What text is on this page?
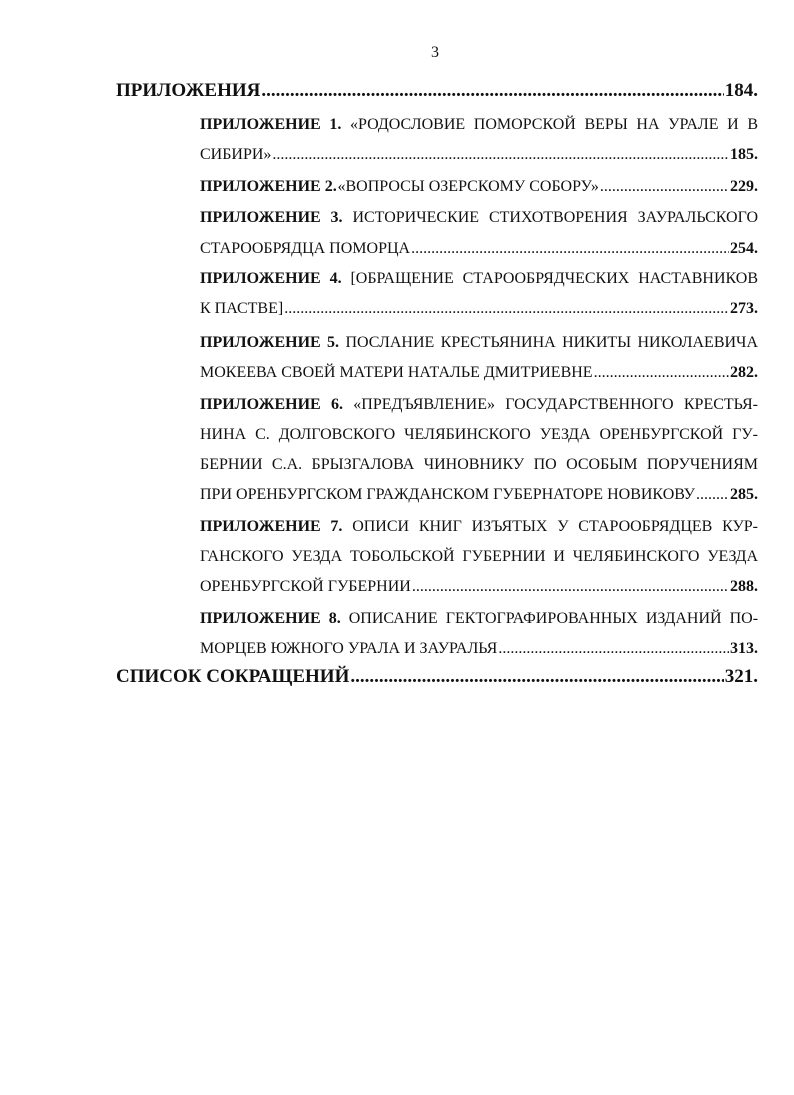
3
ПРИЛОЖЕНИЯ .....	184.
ПРИЛОЖЕНИЕ 1. «РОДОСЛОВИЕ ПОМОРСКОЙ ВЕРЫ НА УРАЛЕ И В
СИБИРИ» .....	185.
ПРИЛОЖЕНИЕ 2. «ВОПРОСЫ ОЗЕРСКОМУ СОБОРУ» .....	229.
ПРИЛОЖЕНИЕ 3. ИСТОРИЧЕСКИЕ СТИХОТВОРЕНИЯ ЗАУРАЛЬСКОГО
СТАРООБРЯДЦА ПОМОРЦА .....	254.
ПРИЛОЖЕНИЕ 4. [ОБРАЩЕНИЕ СТАРООБРЯДЧЕСКИХ НАСТАВНИКОВ
К ПАСТВЕ] .....	273.
ПРИЛОЖЕНИЕ 5. ПОСЛАНИЕ КРЕСТЬЯНИНА НИКИТЫ НИКОЛАЕВИЧА
МОКЕЕВА СВОЕЙ МАТЕРИ НАТАЛЬЕ ДМИТРИЕВНЕ .....	282.
ПРИЛОЖЕНИЕ 6. «ПРЕДЪЯВЛЕНИЕ» ГОСУДАРСТВЕННОГО КРЕСТЬЯ-
НИНА С. ДОЛГОВСКОГО ЧЕЛЯБИНСКОГО УЕЗДА ОРЕНБУРГСКОЙ ГУ-
БЕРНИИ С.А. БРЫЗГАЛОВА ЧИНОВНИКУ ПО ОСОБЫМ ПОРУЧЕНИЯМ
ПРИ ОРЕНБУРГСКОМ ГРАЖДАНСКОМ ГУБЕРНАТОРЕ НОВИКОВУ ..... 285.
ПРИЛОЖЕНИЕ 7. ОПИСИ КНИГ ИЗЪЯТЫХ У СТАРООБРЯДЦЕВ КУР-
ГАНСКОГО УЕЗДА ТОБОЛЬСКОЙ ГУБЕРНИИ И ЧЕЛЯБИНСКОГО УЕЗДА
ОРЕНБУРГСКОЙ ГУБЕРНИИ .....	288.
ПРИЛОЖЕНИЕ 8. ОПИСАНИЕ ГЕКТОГРАФИРОВАННЫХ ИЗДАНИЙ ПО-
МОРЦЕВ ЮЖНОГО УРАЛА И ЗАУРАЛЬЯ .....	313.
СПИСОК СОКРАЩЕНИЙ .....	321.
